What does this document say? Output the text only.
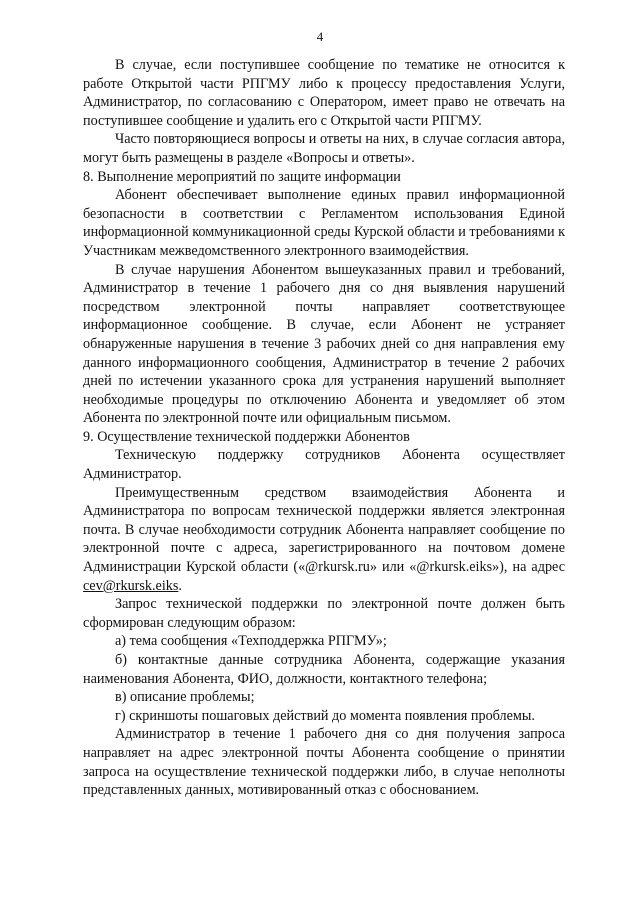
4

В случае, если поступившее сообщение по тематике не относится к работе Открытой части РПГМУ либо к процессу предоставления Услуги, Администратор, по согласованию с Оператором, имеет право не отвечать на поступившее сообщение и удалить его с Открытой части РПГМУ.

Часто повторяющиеся вопросы и ответы на них, в случае согласия автора, могут быть размещены в разделе «Вопросы и ответы».

8. Выполнение мероприятий по защите информации

Абонент обеспечивает выполнение единых правил информационной безопасности в соответствии с Регламентом использования Единой информационной коммуникационной среды Курской области и требованиями к Участникам межведомственного электронного взаимодействия.

В случае нарушения Абонентом вышеуказанных правил и требований, Администратор в течение 1 рабочего дня со дня выявления нарушений посредством электронной почты направляет соответствующее информационное сообщение. В случае, если Абонент не устраняет обнаруженные нарушения в течение 3 рабочих дней со дня направления ему данного информационного сообщения, Администратор в течение 2 рабочих дней по истечении указанного срока для устранения нарушений выполняет необходимые процедуры по отключению Абонента и уведомляет об этом Абонента по электронной почте или официальным письмом.

9. Осуществление технической поддержки Абонентов

Техническую поддержку сотрудников Абонента осуществляет Администратор.

Преимущественным средством взаимодействия Абонента и Администратора по вопросам технической поддержки является электронная почта. В случае необходимости сотрудник Абонента направляет сообщение по электронной почте с адреса, зарегистрированного на почтовом домене Администрации Курской области («@rkursk.ru» или «@rkursk.eiks»), на адрес cev@rkursk.eiks.

Запрос технической поддержки по электронной почте должен быть сформирован следующим образом:

а) тема сообщения «Техподдержка РПГМУ»;

б) контактные данные сотрудника Абонента, содержащие указания наименования Абонента, ФИО, должности, контактного телефона;

в) описание проблемы;

г) скриншоты пошаговых действий до момента появления проблемы.

Администратор в течение 1 рабочего дня со дня получения запроса направляет на адрес электронной почты Абонента сообщение о принятии запроса на осуществление технической поддержки либо, в случае неполноты представленных данных, мотивированный отказ с обоснованием.
